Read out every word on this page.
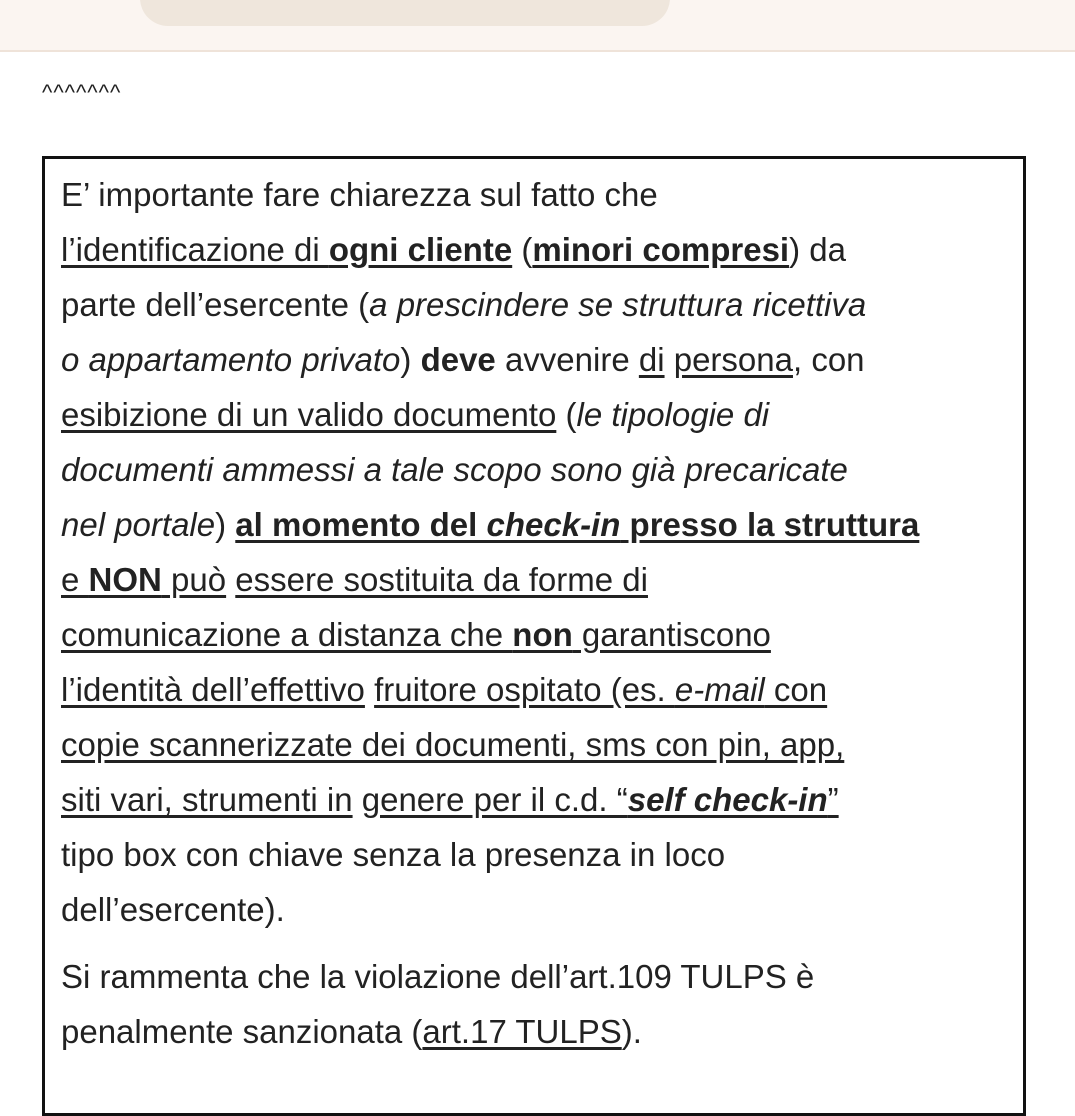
^^^^^^^

E’ importante fare chiarezza sul fatto che
l’identificazione di ogni cliente (minori compresi) da
parte dell’esercente (a prescindere se struttura ricettiva
o appartamento privato) deve avvenire di persona, con
esibizione di un valido documento (le tipologie di
documenti ammessi a tale scopo sono già precaricate
nel portale) al momento del check-in presso la struttura
e NON può essere sostituita da forme di
comunicazione a distanza che non garantiscono
l’identità dell’effettivo fruitore ospitato (es. e-mail con
copie scannerizzate dei documenti, sms con pin, app,
siti vari, strumenti in genere per il c.d. “self check-in”
tipo box con chiave senza la presenza in loco
dell’esercente).

Si rammenta che la violazione dell’art.109 TULPS è
penalmente sanzionata (art.17 TULPS).
